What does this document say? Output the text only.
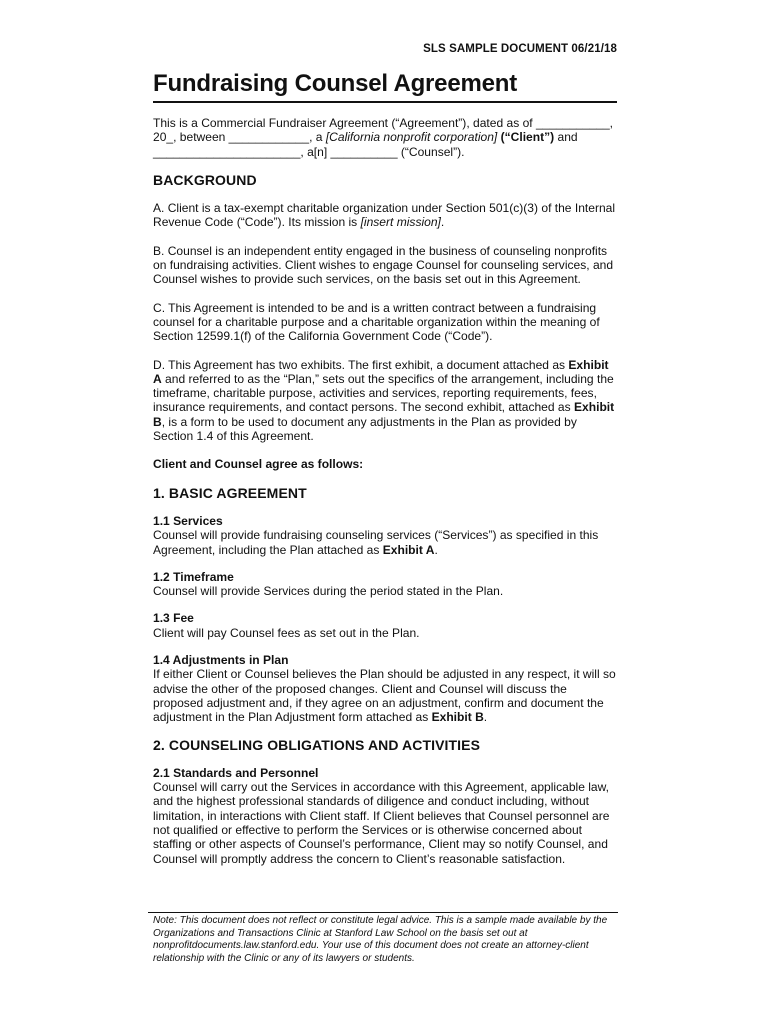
SLS SAMPLE DOCUMENT 06/21/18
Fundraising Counsel Agreement

This is a Commercial Fundraiser Agreement (“Agreement”), dated as of ___________, 20_, between ____________, a [California nonprofit corporation] (“Client”) and ______________________, a[n] __________ (“Counsel”).

BACKGROUND

A. Client is a tax-exempt charitable organization under Section 501(c)(3) of the Internal Revenue Code (“Code”). Its mission is [insert mission].

B. Counsel is an independent entity engaged in the business of counseling nonprofits on fundraising activities. Client wishes to engage Counsel for counseling services, and Counsel wishes to provide such services, on the basis set out in this Agreement.

C. This Agreement is intended to be and is a written contract between a fundraising counsel for a charitable purpose and a charitable organization within the meaning of Section 12599.1(f) of the California Government Code (“Code”).

D. This Agreement has two exhibits. The first exhibit, a document attached as Exhibit A and referred to as the “Plan,” sets out the specifics of the arrangement, including the timeframe, charitable purpose, activities and services, reporting requirements, fees, insurance requirements, and contact persons. The second exhibit, attached as Exhibit B, is a form to be used to document any adjustments in the Plan as provided by Section 1.4 of this Agreement.

Client and Counsel agree as follows:

1. BASIC AGREEMENT
1.1 Services
Counsel will provide fundraising counseling services (“Services”) as specified in this Agreement, including the Plan attached as Exhibit A.
1.2 Timeframe
Counsel will provide Services during the period stated in the Plan.
1.3 Fee
Client will pay Counsel fees as set out in the Plan.
1.4 Adjustments in Plan
If either Client or Counsel believes the Plan should be adjusted in any respect, it will so advise the other of the proposed changes. Client and Counsel will discuss the proposed adjustment and, if they agree on an adjustment, confirm and document the adjustment in the Plan Adjustment form attached as Exhibit B.
2. COUNSELING OBLIGATIONS AND ACTIVITIES
2.1 Standards and Personnel
Counsel will carry out the Services in accordance with this Agreement, applicable law, and the highest professional standards of diligence and conduct including, without limitation, in interactions with Client staff. If Client believes that Counsel personnel are not qualified or effective to perform the Services or is otherwise concerned about staffing or other aspects of Counsel’s performance, Client may so notify Counsel, and Counsel will promptly address the concern to Client’s reasonable satisfaction.
Note: This document does not reflect or constitute legal advice. This is a sample made available by the Organizations and Transactions Clinic at Stanford Law School on the basis set out at nonprofitdocuments.law.stanford.edu. Your use of this document does not create an attorney-client relationship with the Clinic or any of its lawyers or students.
